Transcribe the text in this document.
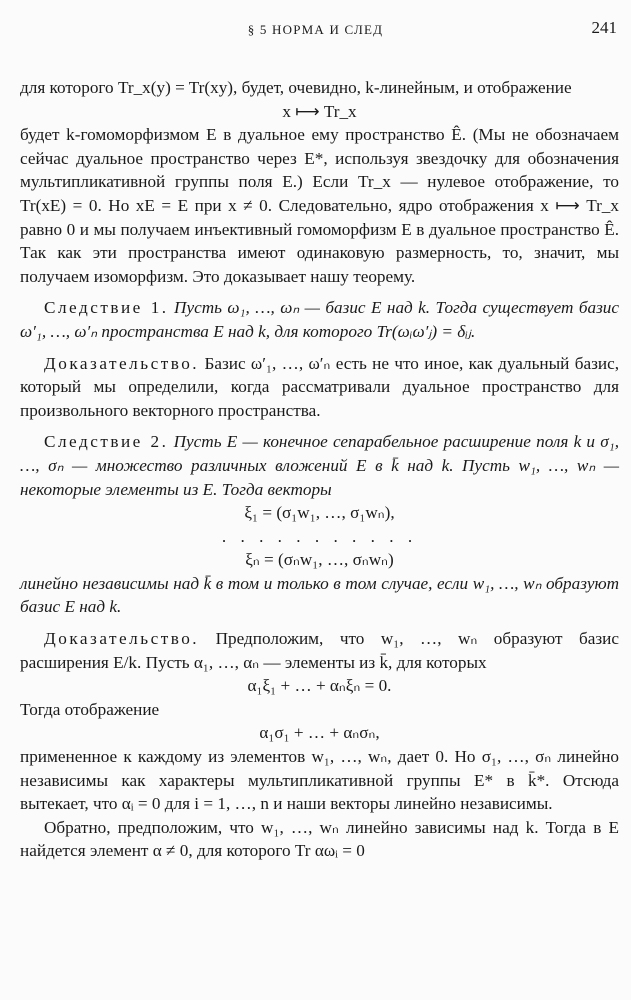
§ 5 НОРМА И СЛЕД	241

для которого Tr_x(y) = Tr(xy), будет, очевидно, k-линейным, и отображение

x ⟼ Tr_x

будет k-гомоморфизмом E в дуальное ему пространство Ê. (Мы не обозначаем сейчас дуальное пространство через E*, используя звездочку для обозначения мультипликативной группы поля E.) Если Tr_x — нулевое отображение, то Tr(xE) = 0. Но xE = E при x ≠ 0. Следовательно, ядро отображения x ⟼ Tr_x равно 0 и мы получаем инъективный гомоморфизм E в дуальное пространство Ê. Так как эти пространства имеют одинаковую размерность, то, значит, мы получаем изоморфизм. Это доказывает нашу теорему.

Следствие 1. Пусть ω₁, …, ωₙ — базис E над k. Тогда существует базис ω′₁, …, ω′ₙ пространства E над k, для которого Tr(ωᵢω′ⱼ) = δᵢⱼ.

Доказательство. Базис ω′₁, …, ω′ₙ есть не что иное, как дуальный базис, который мы определили, когда рассматривали дуальное пространство для произвольного векторного пространства.

Следствие 2. Пусть E — конечное сепарабельное расширение поля k и σ₁, …, σₙ — множество различных вложений E в k̄ над k. Пусть w₁, …, wₙ — некоторые элементы из E. Тогда векторы

ξ₁ = (σ₁w₁, …, σ₁wₙ),

. . . . . . . . . . .

ξₙ = (σₙw₁, …, σₙwₙ)

линейно независимы над k̄ в том и только в том случае, если w₁, …, wₙ образуют базис E над k.

Доказательство. Предположим, что w₁, …, wₙ образуют базис расширения E/k. Пусть α₁, …, αₙ — элементы из k̄, для которых

α₁ξ₁ + … + αₙξₙ = 0.

Тогда отображение

α₁σ₁ + … + αₙσₙ,

примененное к каждому из элементов w₁, …, wₙ, дает 0. Но σ₁, …, σₙ линейно независимы как характеры мультипликативной группы E* в k̄*. Отсюда вытекает, что αᵢ = 0 для i = 1, …, n и наши векторы линейно независимы.

Обратно, предположим, что w₁, …, wₙ линейно зависимы над k. Тогда в E найдется элемент α ≠ 0, для которого Tr αωᵢ = 0
